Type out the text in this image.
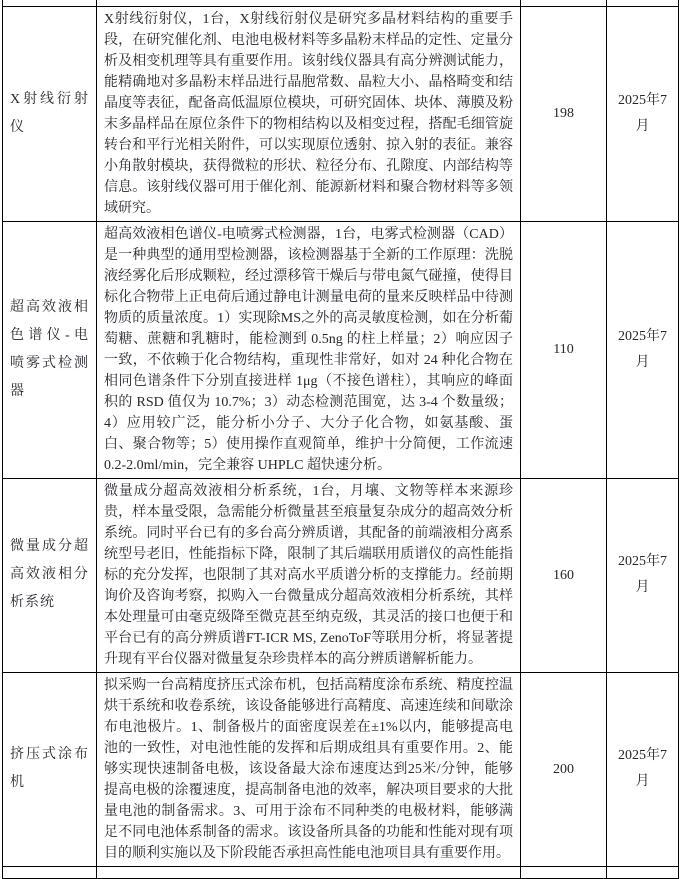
X射线衍射仪	X射线衍射仪，1台，X射线衍射仪是研究多晶材料结构的重要手段，在研究催化剂、电池电极材料等多晶粉末样品的定性、定量分析及相变机理等具有重要作用。该射线仪器具有高分辨测试能力，能精确地对多晶粉末样品进行晶胞常数、晶粒大小、晶格畸变和结晶度等表征，配备高低温原位模块，可研究固体、块体、薄膜及粉末多晶样品在原位条件下的物相结构以及相变过程，搭配毛细管旋转台和平行光相关附件，可以实现原位透射、掠入射的表征。兼容小角散射模块，获得微粒的形状、粒径分布、孔隙度、内部结构等信息。该射线仪器可用于催化剂、能源新材料和聚合物材料等多领域研究。	198	2025年7月
超高效液相色谱仪-电喷雾式检测器	超高效液相色谱仪-电喷雾式检测器，1台，电雾式检测器（CAD）是一种典型的通用型检测器，该检测器基于全新的工作原理：洗脱液经雾化后形成颗粒，经过漂移管干燥后与带电氮气碰撞，使得目标化合物带上正电荷后通过静电计测量电荷的量来反映样品中待测物质的质量浓度。1）实现除MS之外的高灵敏度检测，如在分析葡萄糖、蔗糖和乳糖时，能检测到 0.5ng 的柱上样量；2）响应因子一致，不依赖于化合物结构，重现性非常好，如对 24 种化合物在相同色谱条件下分别直接进样 1μg（不接色谱柱），其响应的峰面积的 RSD 值仅为 10.7%；3）动态检测范围宽，达 3-4 个数量级；4）应用较广泛，能分析小分子、大分子化合物，如氨基酸、蛋白、聚合物等；5）使用操作直观简单，维护十分简便，工作流速 0.2-2.0ml/min，完全兼容 UHPLC 超快速分析。	110	2025年7月
微量成分超高效液相分析系统	微量成分超高效液相分析系统，1台，月壤、文物等样本来源珍贵，样本量受限，急需能分析微量甚至痕量复杂成分的超高效分析系统。同时平台已有的多台高分辨质谱，其配备的前端液相分离系统型号老旧，性能指标下降，限制了其后端联用质谱仪的高性能指标的充分发挥，也限制了其对高水平质谱分析的支撑能力。经前期询价及咨询考察，拟购入一台微量成分超高效液相分析系统，其样本处理量可由毫克级降至微克甚至纳克级，其灵活的接口也便于和平台已有的高分辨质谱FT-ICR MS, ZenoToF等联用分析，将显著提升现有平台仪器对微量复杂珍贵样本的高分辨质谱解析能力。	160	2025年7月
挤压式涂布机	拟采购一台高精度挤压式涂布机，包括高精度涂布系统、精度控温烘干系统和收卷系统，该设备能够进行高精度、高速连续和间歇涂布电池极片。1、制备极片的面密度误差在±1%以内，能够提高电池的一致性，对电池性能的发挥和后期成组具有重要作用。2、能够实现快速制备电极，该设备最大涂布速度达到25米/分钟，能够提高电极的涂覆速度，提高制备电池的效率，解决项目要求的大批量电池的制备需求。3、可用于涂布不同种类的电极材料，能够满足不同电池体系制备的需求。该设备所具备的功能和性能对现有项目的顺利实施以及下阶段能否承担高性能电池项目具有重要作用。	200	2025年7月
